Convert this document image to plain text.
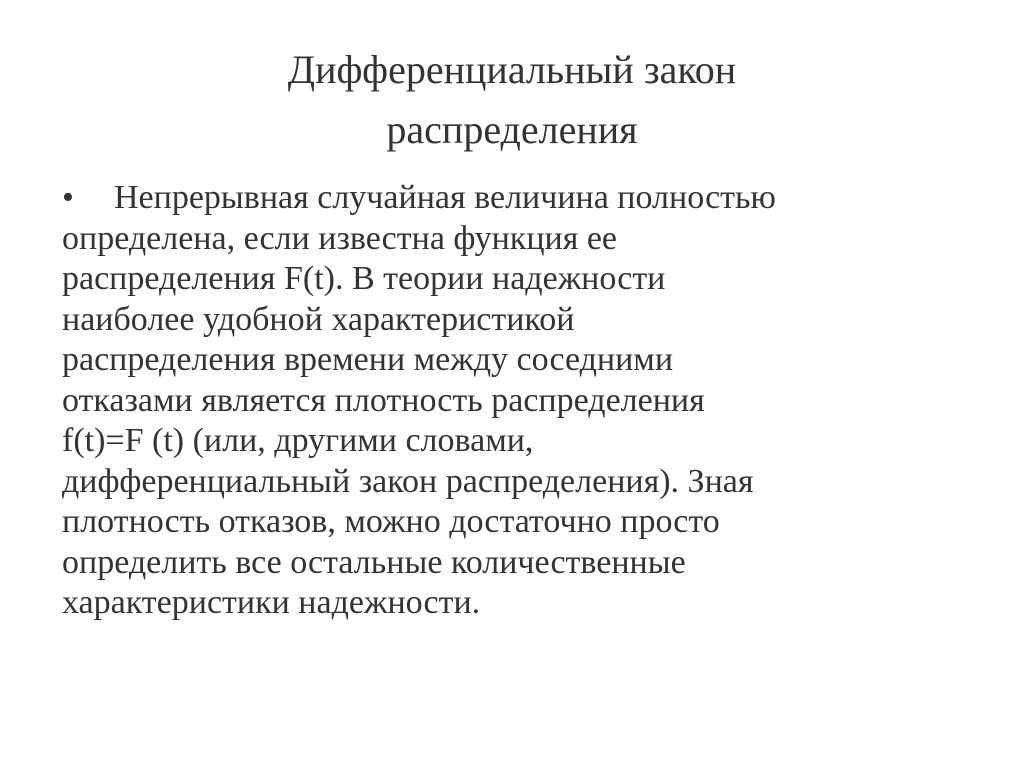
Дифференциальный закон
распределения
•	Непрерывная случайная величина полностью
определена, если известна функция ее
распределения F(t). В теории надежности
наиболее удобной характеристикой
распределения времени между соседними
отказами является плотность распределения
f(t)=F (t) (или, другими словами,
дифференциальный закон распределения). Зная
плотность отказов, можно достаточно просто
определить все остальные количественные
характеристики надежности.
